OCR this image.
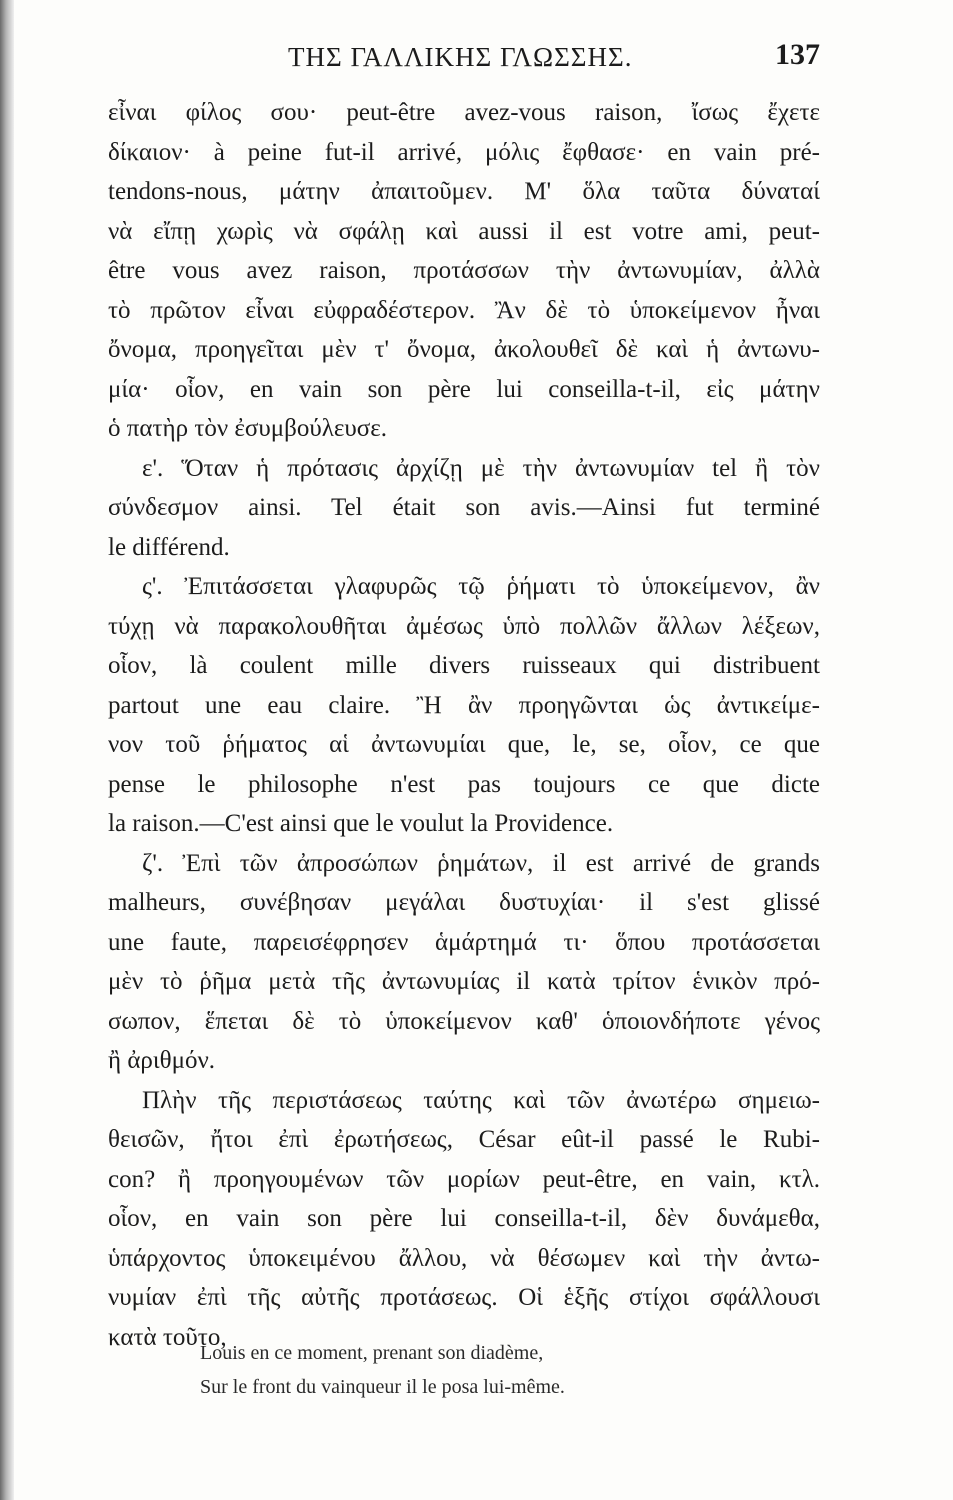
ΤΗΣ ΓΑΛΛΙΚΗΣ ΓΛΩΣΣΗΣ.	137
εἶναι φίλος σου· peut-être avez-vous raison, ἴσως ἔχετε
δίκαιον· à peine fut-il arrivé, μόλις ἔφθασε· en vain pré-
tendons-nous, μάτην ἀπαιτοῦμεν. Μ' ὅλα ταῦτα δύναταί
νὰ εἴπῃ χωρὶς νὰ σφάλῃ καὶ aussi il est votre ami, peut-
être vous avez raison, προτάσσων τὴν ἀντωνυμίαν, ἀλλὰ
τὸ πρῶτον εἶναι εὐφραδέστερον. Ἂν δὲ τὸ ὑποκείμενον ἦναι
ὄνομα, προηγεῖται μὲν τ' ὄνομα, ἀκολουθεῖ δὲ καὶ ἡ ἀντωνυ-
μία· οἷον, en vain son père lui conseilla-t-il, εἰς μάτην
ὁ πατὴρ τὸν ἐσυμβούλευσε.
ε'. Ὅταν ἡ πρότασις ἀρχίζῃ μὲ τὴν ἀντωνυμίαν tel ἢ τὸν
σύνδεσμον ainsi. Tel était son avis.—Ainsi fut terminé
le différend.
ς'. Ἐπιτάσσεται γλαφυρῶς τῷ ῥήματι τὸ ὑποκείμενον, ἂν
τύχῃ νὰ παρακολουθῆται ἀμέσως ὑπὸ πολλῶν ἄλλων λέξεων,
οἷον, là coulent mille divers ruisseaux qui distribuent
partout une eau claire. Ἢ ἂν προηγῶνται ὡς ἀντικείμε-
νον τοῦ ῥήματος αἱ ἀντωνυμίαι que, le, se, οἷον, ce que
pense le philosophe n'est pas toujours ce que dicte
la raison.—C'est ainsi que le voulut la Providence.
ζ'. Ἐπὶ τῶν ἀπροσώπων ῥημάτων, il est arrivé de grands
malheurs, συνέβησαν μεγάλαι δυστυχίαι· il s'est glissé
une faute, παρεισέφρησεν ἁμάρτημά τι· ὅπου προτάσσεται
μὲν τὸ ῥῆμα μετὰ τῆς ἀντωνυμίας il κατὰ τρίτον ἑνικὸν πρό-
σωπον, ἕπεται δὲ τὸ ὑποκείμενον καθ' ὁποιονδήποτε γένος
ἢ ἀριθμόν.
Πλὴν τῆς περιστάσεως ταύτης καὶ τῶν ἀνωτέρω σημειω-
θεισῶν, ἤτοι ἐπὶ ἐρωτήσεως, César eût-il passé le Rubi-
con? ἢ προηγουμένων τῶν μορίων peut-être, en vain, κτλ.
οἷον, en vain son père lui conseilla-t-il, δὲν δυνάμεθα,
ὑπάρχοντος ὑποκειμένου ἄλλου, νὰ θέσωμεν καὶ τὴν ἀντω-
νυμίαν ἐπὶ τῆς αὐτῆς προτάσεως. Οἱ ἑξῆς στίχοι σφάλλουσι
κατὰ τοῦτο,
Louis en ce moment, prenant son diadème,
Sur le front du vainqueur il le posa lui-même.
